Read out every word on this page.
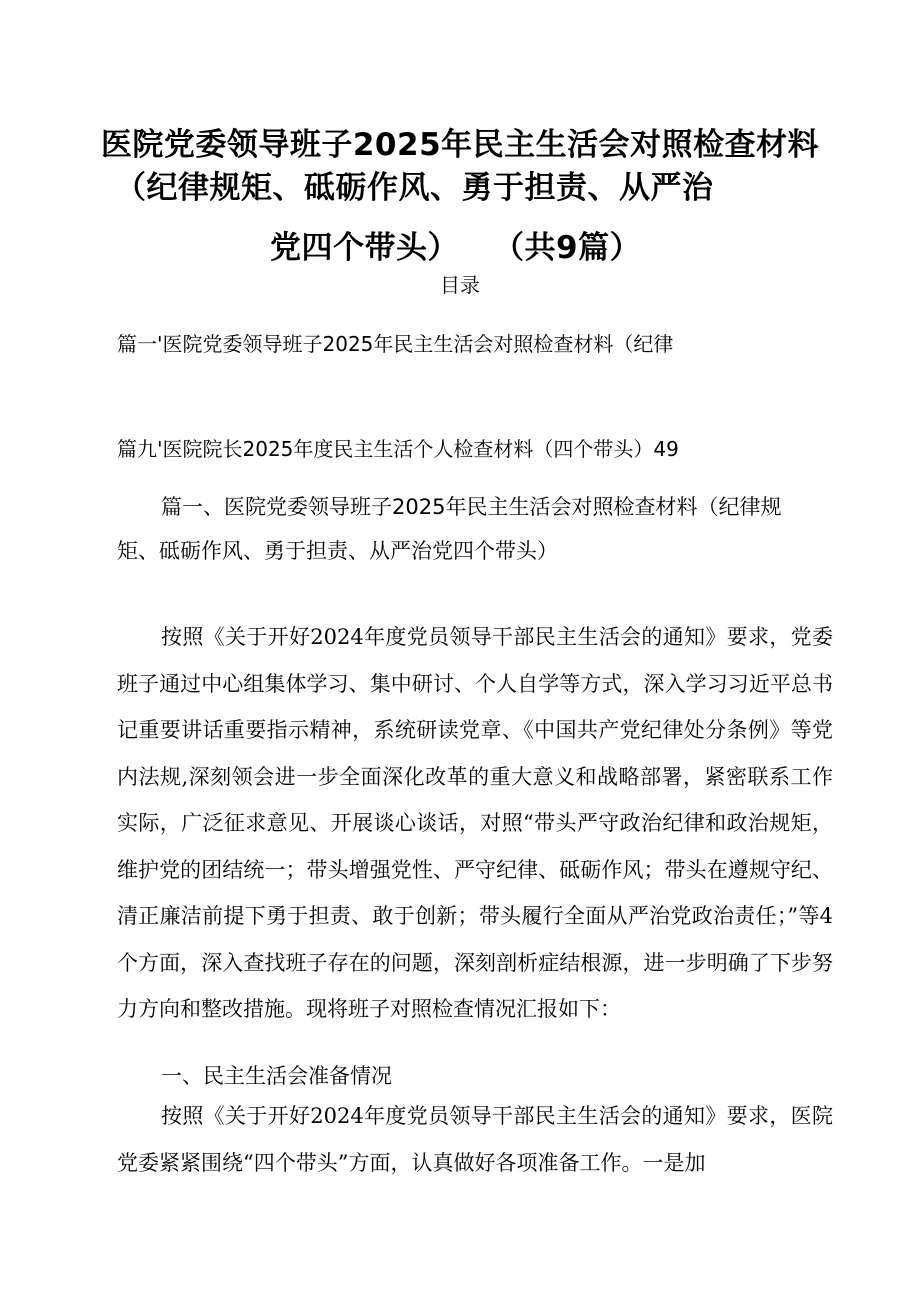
医院党委领导班子2025年民主生活会对照检查材料
（纪律规矩、砥砺作风、勇于担责、从严治
党四个带头） （共9篇）
目录
篇一'医院党委领导班子2025年民主生活会对照检查材料（纪律
篇九'医院院长2025年度民主生活个人检查材料（四个带头）49
篇一、医院党委领导班子2025年民主生活会对照检查材料（纪律规
矩、砥砺作风、勇于担责、从严治党四个带头）
按照《关于开好2024年度党员领导干部民主生活会的通知》要求，党委班子通过中心组集体学习、集中研讨、个人自学等方式，深入学习习近平总书记重要讲话重要指示精神，系统研读党章、《中国共产党纪律处分条例》等党内法规,深刻领会进一步全面深化改革的重大意义和战略部署，紧密联系工作实际，广泛征求意见、开展谈心谈话，对照“带头严守政治纪律和政治规矩，维护党的团结统一；带头增强党性、严守纪律、砥砺作风；带头在遵规守纪、清正廉洁前提下勇于担责、敢于创新；带头履行全面从严治党政治责任；”等4个方面，深入查找班子存在的问题，深刻剖析症结根源，进一步明确了下步努力方向和整改措施。现将班子对照检查情况汇报如下：
一、民主生活会准备情况
按照《关于开好2024年度党员领导干部民主生活会的通知》要求，医院党委紧紧围绕“四个带头”方面，认真做好各项准备工作。一是加
